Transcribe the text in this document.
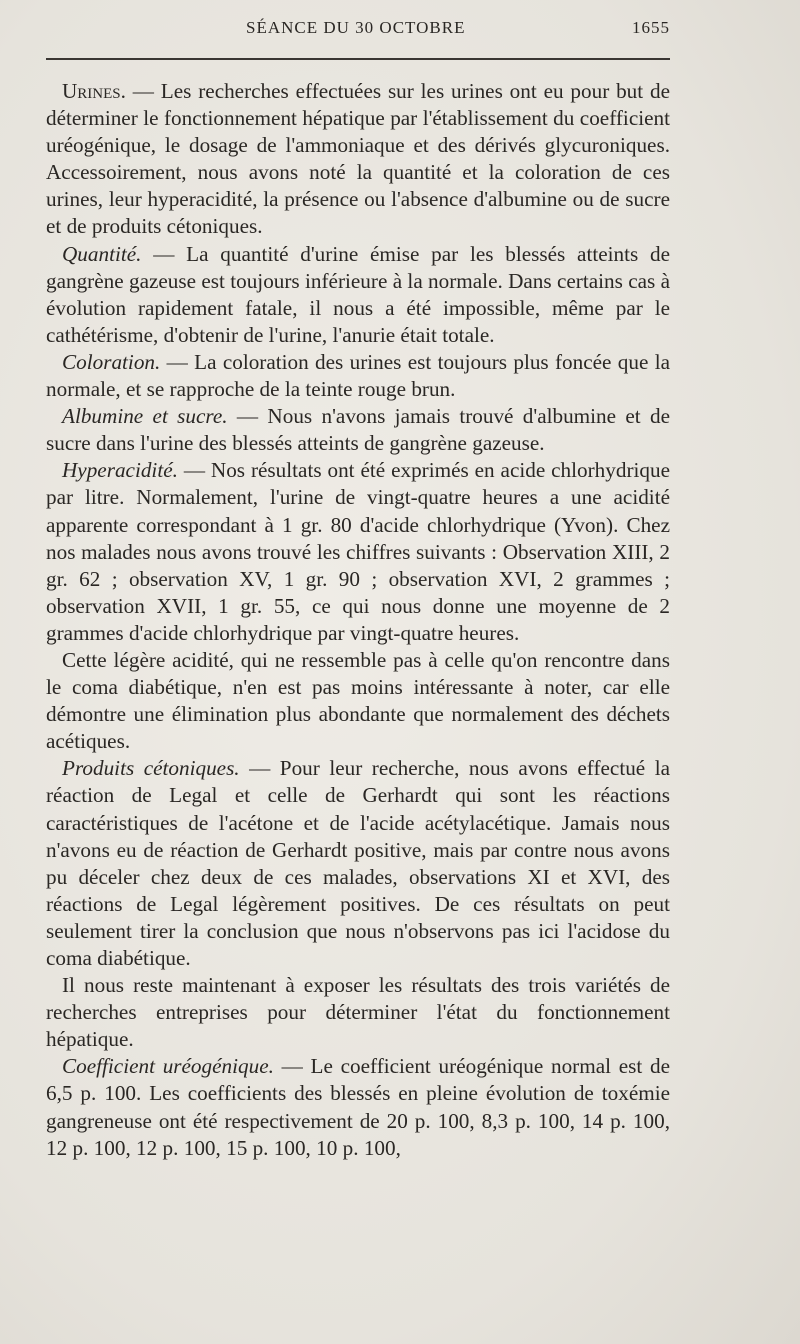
SÉANCE DU 30 OCTOBRE	1655

Urines. — Les recherches effectuées sur les urines ont eu pour but de déterminer le fonctionnement hépatique par l'établissement du coefficient uréogénique, le dosage de l'ammoniaque et des dérivés glycuroniques. Accessoirement, nous avons noté la quantité et la coloration de ces urines, leur hyperacidité, la présence ou l'absence d'albumine ou de sucre et de produits cétoniques.

Quantité. — La quantité d'urine émise par les blessés atteints de gangrène gazeuse est toujours inférieure à la normale. Dans certains cas à évolution rapidement fatale, il nous a été impossible, même par le cathétérisme, d'obtenir de l'urine, l'anurie était totale.

Coloration. — La coloration des urines est toujours plus foncée que la normale, et se rapproche de la teinte rouge brun.

Albumine et sucre. — Nous n'avons jamais trouvé d'albumine et de sucre dans l'urine des blessés atteints de gangrène gazeuse.

Hyperacidité. — Nos résultats ont été exprimés en acide chlorhydrique par litre. Normalement, l'urine de vingt-quatre heures a une acidité apparente correspondant à 1 gr. 80 d'acide chlorhydrique (Yvon). Chez nos malades nous avons trouvé les chiffres suivants : Observation XIII, 2 gr. 62 ; observation XV, 1 gr. 90 ; observation XVI, 2 grammes ; observation XVII, 1 gr. 55, ce qui nous donne une moyenne de 2 grammes d'acide chlorhydrique par vingt-quatre heures.

Cette légère acidité, qui ne ressemble pas à celle qu'on rencontre dans le coma diabétique, n'en est pas moins intéressante à noter, car elle démontre une élimination plus abondante que normalement des déchets acétiques.

Produits cétoniques. — Pour leur recherche, nous avons effectué la réaction de Legal et celle de Gerhardt qui sont les réactions caractéristiques de l'acétone et de l'acide acétylacétique. Jamais nous n'avons eu de réaction de Gerhardt positive, mais par contre nous avons pu déceler chez deux de ces malades, observations XI et XVI, des réactions de Legal légèrement positives. De ces résultats on peut seulement tirer la conclusion que nous n'observons pas ici l'acidose du coma diabétique.

Il nous reste maintenant à exposer les résultats des trois variétés de recherches entreprises pour déterminer l'état du fonctionnement hépatique.

Coefficient uréogénique. — Le coefficient uréogénique normal est de 6,5 p. 100. Les coefficients des blessés en pleine évolution de toxémie gangreneuse ont été respectivement de 20 p. 100, 8,3 p. 100, 14 p. 100, 12 p. 100, 12 p. 100, 15 p. 100, 10 p. 100,
